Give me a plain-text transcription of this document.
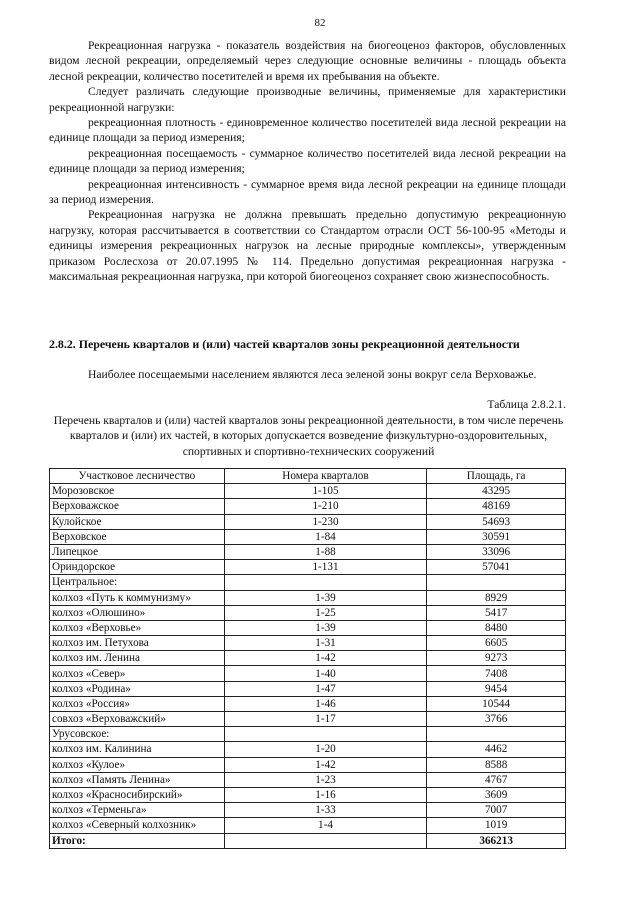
82

Рекреационная нагрузка - показатель воздействия на биогеоценоз факторов, обусловленных видом лесной рекреации, определяемый через следующие основные величины - площадь объекта лесной рекреации, количество посетителей и время их пребывания на объекте.

Следует различать следующие производные величины, применяемые для характеристики рекреационной нагрузки:

рекреационная плотность - единовременное количество посетителей вида лесной рекреации на единице площади за период измерения;

рекреационная посещаемость - суммарное количество посетителей вида лесной рекреации на единице площади за период измерения;

рекреационная интенсивность - суммарное время вида лесной рекреации на единице площади за период измерения.

Рекреационная нагрузка не должна превышать предельно допустимую рекреационную нагрузку, которая рассчитывается в соответствии со Стандартом отрасли ОСТ 56-100-95 «Методы и единицы измерения рекреационных нагрузок на лесные природные комплексы», утвержденным приказом Рослесхоза от 20.07.1995 № 114. Предельно допустимая рекреационная нагрузка - максимальная рекреационная нагрузка, при которой биогеоценоз сохраняет свою жизнеспособность.

2.8.2. Перечень кварталов и (или) частей кварталов зоны рекреационной деятельности
Наиболее посещаемыми населением являются леса зеленой зоны вокруг села Верховажье.
Таблица 2.8.2.1.
Перечень кварталов и (или) частей кварталов зоны рекреационной деятельности, в том числе перечень кварталов и (или) их частей, в которых допускается возведение физкультурно-оздоровительных, спортивных и спортивно-технических сооружений
Участковое лесничество	Номера кварталов	Площадь, га
Морозовское	1-105	43295
Верховажское	1-210	48169
Кулойское	1-230	54693
Верховское	1-84	30591
Липецкое	1-88	33096
Ориндорское	1-131	57041
Центральное:		
колхоз «Путь к коммунизму»	1-39	8929
колхоз «Олюшино»	1-25	5417
колхоз «Верховье»	1-39	8480
колхоз им. Петухова	1-31	6605
колхоз им. Ленина	1-42	9273
колхоз «Север»	1-40	7408
колхоз «Родина»	1-47	9454
колхоз «Россия»	1-46	10544
совхоз «Верховажский»	1-17	3766
Урусовское:		
колхоз им. Калинина	1-20	4462
колхоз «Кулое»	1-42	8588
колхоз «Память Ленина»	1-23	4767
колхоз «Красносибирский»	1-16	3609
колхоз «Терменьга»	1-33	7007
колхоз «Северный колхозник»	1-4	1019
Итого:		366213
